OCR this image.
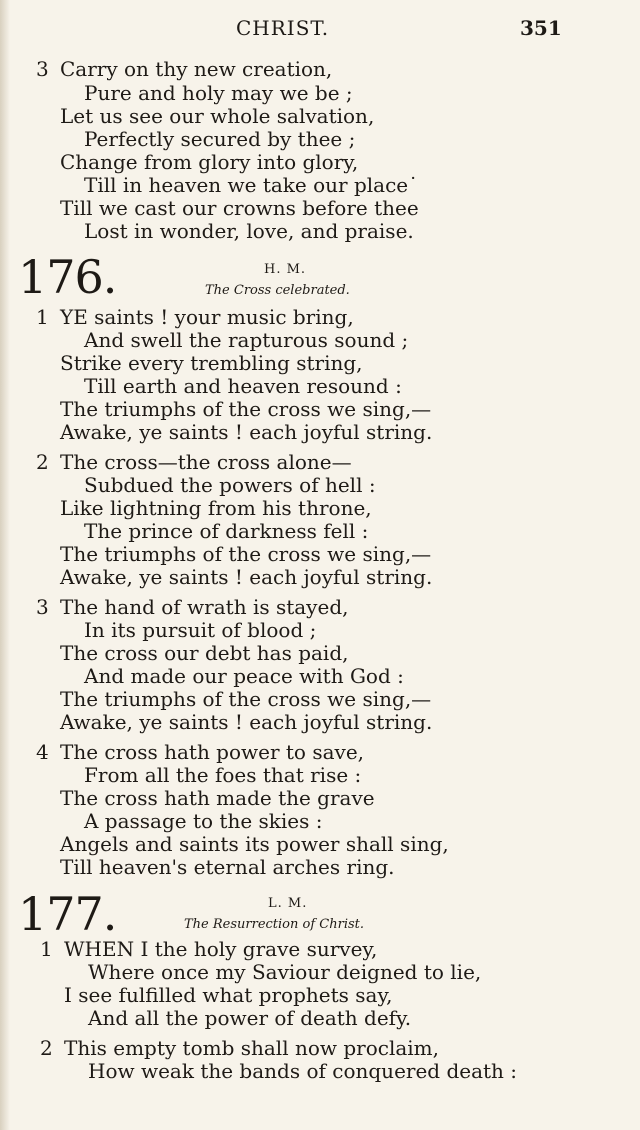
CHRIST.	351
3 Carry on thy new creation,
Pure and holy may we be ;
Let us see our whole salvation,
Perfectly secured by thee ;
Change from glory into glory,
Till in heaven we take our place˙
Till we cast our crowns before thee
Lost in wonder, love, and praise.
176.	H. M.
The Cross celebrated.
1 YE saints ! your music bring,
And swell the rapturous sound ;
Strike every trembling string,
Till earth and heaven resound :
The triumphs of the cross we sing,—
Awake, ye saints ! each joyful string.
2 The cross—the cross alone—
Subdued the powers of hell :
Like lightning from his throne,
The prince of darkness fell :
The triumphs of the cross we sing,—
Awake, ye saints ! each joyful string.
3 The hand of wrath is stayed,
In its pursuit of blood ;
The cross our debt has paid,
And made our peace with God :
The triumphs of the cross we sing,—
Awake, ye saints ! each joyful string.
4 The cross hath power to save,
From all the foes that rise :
The cross hath made the grave
A passage to the skies :
Angels and saints its power shall sing,
Till heaven's eternal arches ring.
177.	L. M.
The Resurrection of Christ.
1 WHEN I the holy grave survey,
Where once my Saviour deigned to lie,
I see fulfilled what prophets say,
And all the power of death defy.
2 This empty tomb shall now proclaim,
How weak the bands of conquered death :
